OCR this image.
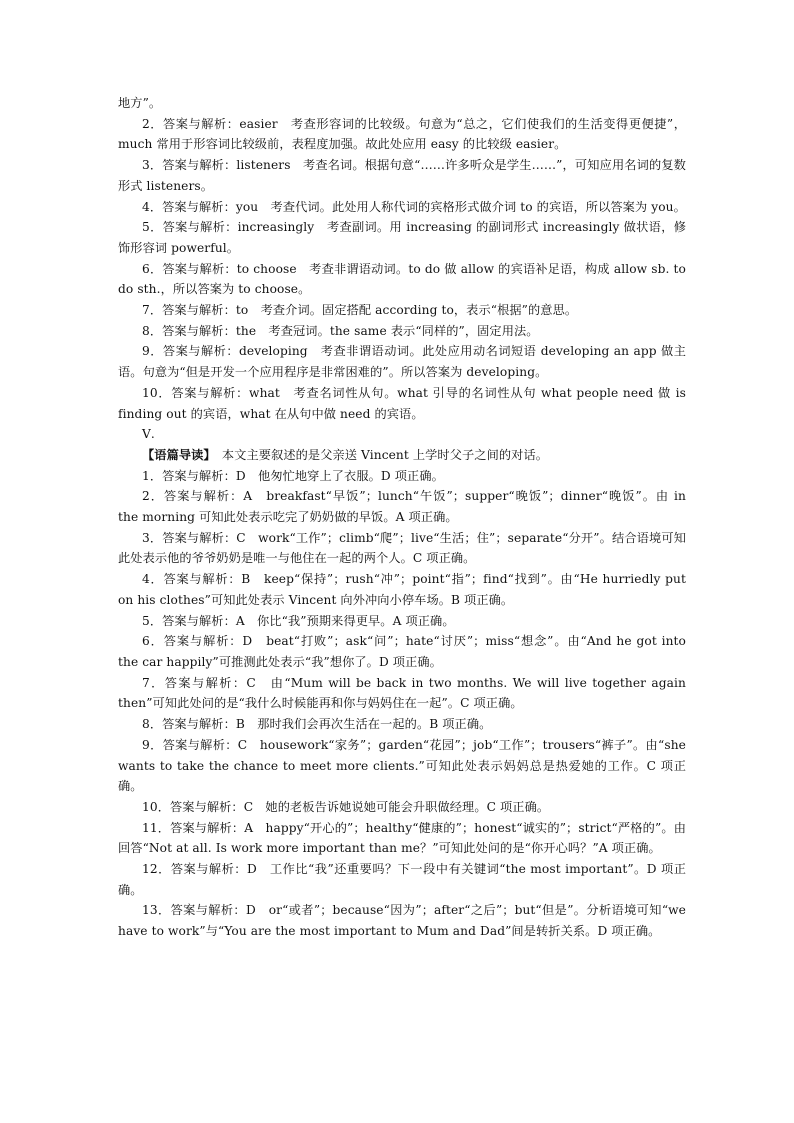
地方”。

2．答案与解析：easier　考查形容词的比较级。句意为“总之，它们使我们的生活变得更便捷”，much 常用于形容词比较级前，表程度加强。故此处应用 easy 的比较级 easier。

3．答案与解析：listeners　考查名词。根据句意“……许多听众是学生……”，可知应用名词的复数形式 listeners。

4．答案与解析：you　考查代词。此处用人称代词的宾格形式做介词 to 的宾语，所以答案为 you。

5．答案与解析：increasingly　考查副词。用 increasing 的副词形式 increasingly 做状语，修饰形容词 powerful。

6．答案与解析：to choose　考查非谓语动词。to do 做 allow 的宾语补足语，构成 allow sb. to do sth.，所以答案为 to choose。

7．答案与解析：to　考查介词。固定搭配 according to，表示“根据”的意思。

8．答案与解析：the　考查冠词。the same 表示“同样的”，固定用法。

9．答案与解析：developing　考查非谓语动词。此处应用动名词短语 developing an app 做主语。句意为“但是开发一个应用程序是非常困难的”。所以答案为 developing。

10．答案与解析：what　考查名词性从句。what 引导的名词性从句 what people need 做 is finding out 的宾语，what 在从句中做 need 的宾语。

Ⅴ.

【语篇导读】　本文主要叙述的是父亲送 Vincent 上学时父子之间的对话。

1．答案与解析：D　他匆忙地穿上了衣服。D 项正确。

2．答案与解析：A　breakfast“早饭”；lunch“午饭”；supper“晚饭”；dinner“晚饭”。由 in the morning 可知此处表示吃完了奶奶做的早饭。A 项正确。

3．答案与解析：C　work“工作”；climb“爬”；live“生活；住”；separate“分开”。结合语境可知此处表示他的爷爷奶奶是唯一与他住在一起的两个人。C 项正确。

4．答案与解析：B　keep“保持”；rush“冲”；point“指”；find“找到”。由“He hurriedly put on his clothes”可知此处表示 Vincent 向外冲向小停车场。B 项正确。

5．答案与解析：A　你比“我”预期来得更早。A 项正确。

6．答案与解析：D　beat“打败”；ask“问”；hate“讨厌”；miss“想念”。由“And he got into the car happily”可推测此处表示“我”想你了。D 项正确。

7．答案与解析：C　由“Mum will be back in two months. We will live together again then”可知此处问的是“我什么时候能再和你与妈妈住在一起”。C 项正确。

8．答案与解析：B　那时我们会再次生活在一起的。B 项正确。

9．答案与解析：C　housework“家务”；garden“花园”；job“工作”；trousers“裤子”。由“she wants to take the chance to meet more clients.”可知此处表示妈妈总是热爱她的工作。C 项正确。

10．答案与解析：C　她的老板告诉她说她可能会升职做经理。C 项正确。

11．答案与解析：A　happy“开心的”；healthy“健康的”；honest“诚实的”；strict“严格的”。由回答“Not at all. Is work more important than me？”可知此处问的是“你开心吗？”A 项正确。

12．答案与解析：D　工作比“我”还重要吗？下一段中有关键词“the most important”。D 项正确。

13．答案与解析：D　or“或者”；because“因为”；after“之后”；but“但是”。分析语境可知“we have to work”与“You are the most important to Mum and Dad”间是转折关系。D 项正确。
